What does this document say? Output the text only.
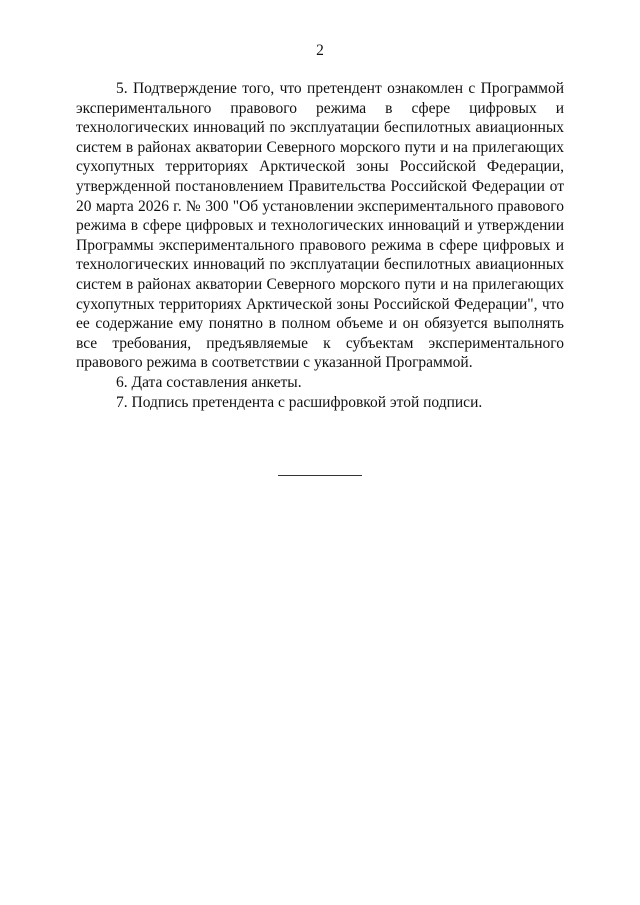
2

5. Подтверждение того, что претендент ознакомлен с Программой экспериментального правового режима в сфере цифровых и технологических инноваций по эксплуатации беспилотных авиационных систем в районах акватории Северного морского пути и на прилегающих сухопутных территориях Арктической зоны Российской Федерации, утвержденной постановлением Правительства Российской Федерации от 20 марта 2026 г. № 300 "Об установлении экспериментального правового режима в сфере цифровых и технологических инноваций и утверждении Программы экспериментального правового режима в сфере цифровых и технологических инноваций по эксплуатации беспилотных авиационных систем в районах акватории Северного морского пути и на прилегающих сухопутных территориях Арктической зоны Российской Федерации", что ее содержание ему понятно в полном объеме и он обязуется выполнять все требования, предъявляемые к субъектам экспериментального правового режима в соответствии с указанной Программой.

6. Дата составления анкеты.

7. Подпись претендента с расшифровкой этой подписи.
